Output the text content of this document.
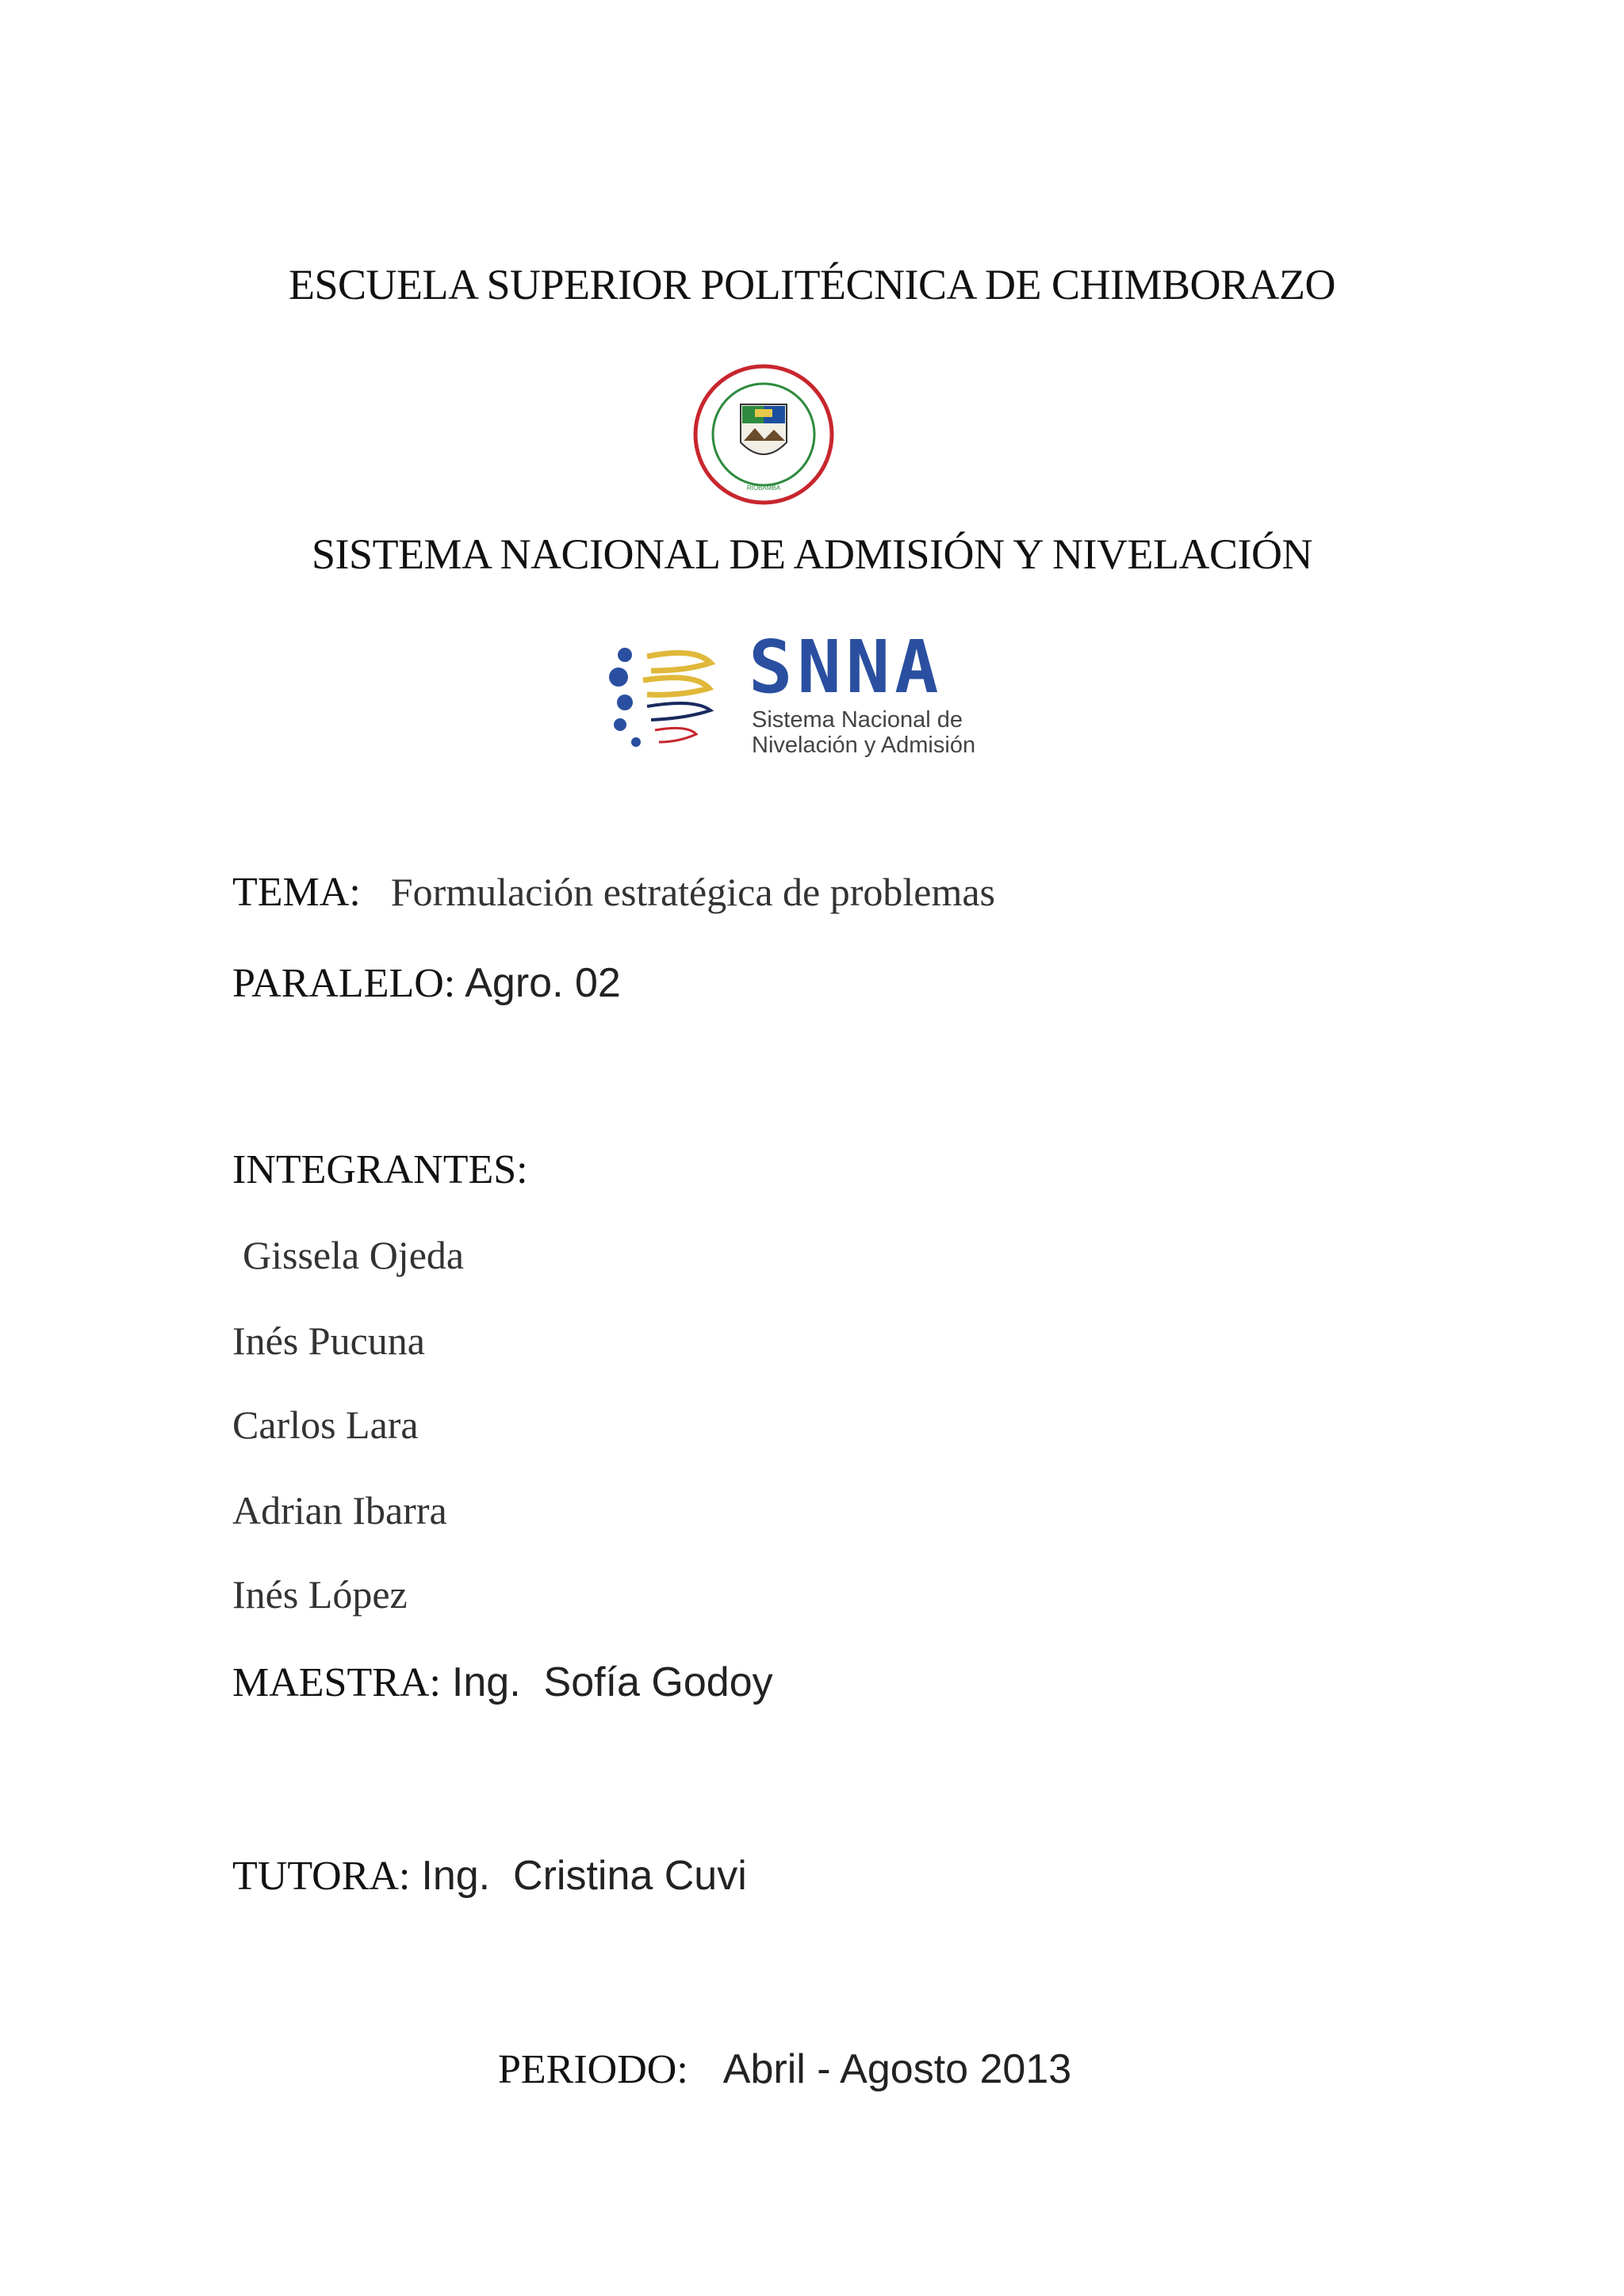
ESCUELA SUPERIOR POLITÉCNICA DE CHIMBORAZO
RIOBAMBA
SISTEMA NACIONAL DE ADMISIÓN Y NIVELACIÓN
SNNA
Sistema Nacional de
Nivelación y Admisión
TEMA: Formulación estratégica de problemas
PARALELO: Agro. 02
INTEGRANTES:
Gissela Ojeda
Inés Pucuna
Carlos Lara
Adrian Ibarra
Inés López
MAESTRA: Ing.  Sofía Godoy
TUTORA: Ing.  Cristina Cuvi
PERIODO: Abril - Agosto 2013
